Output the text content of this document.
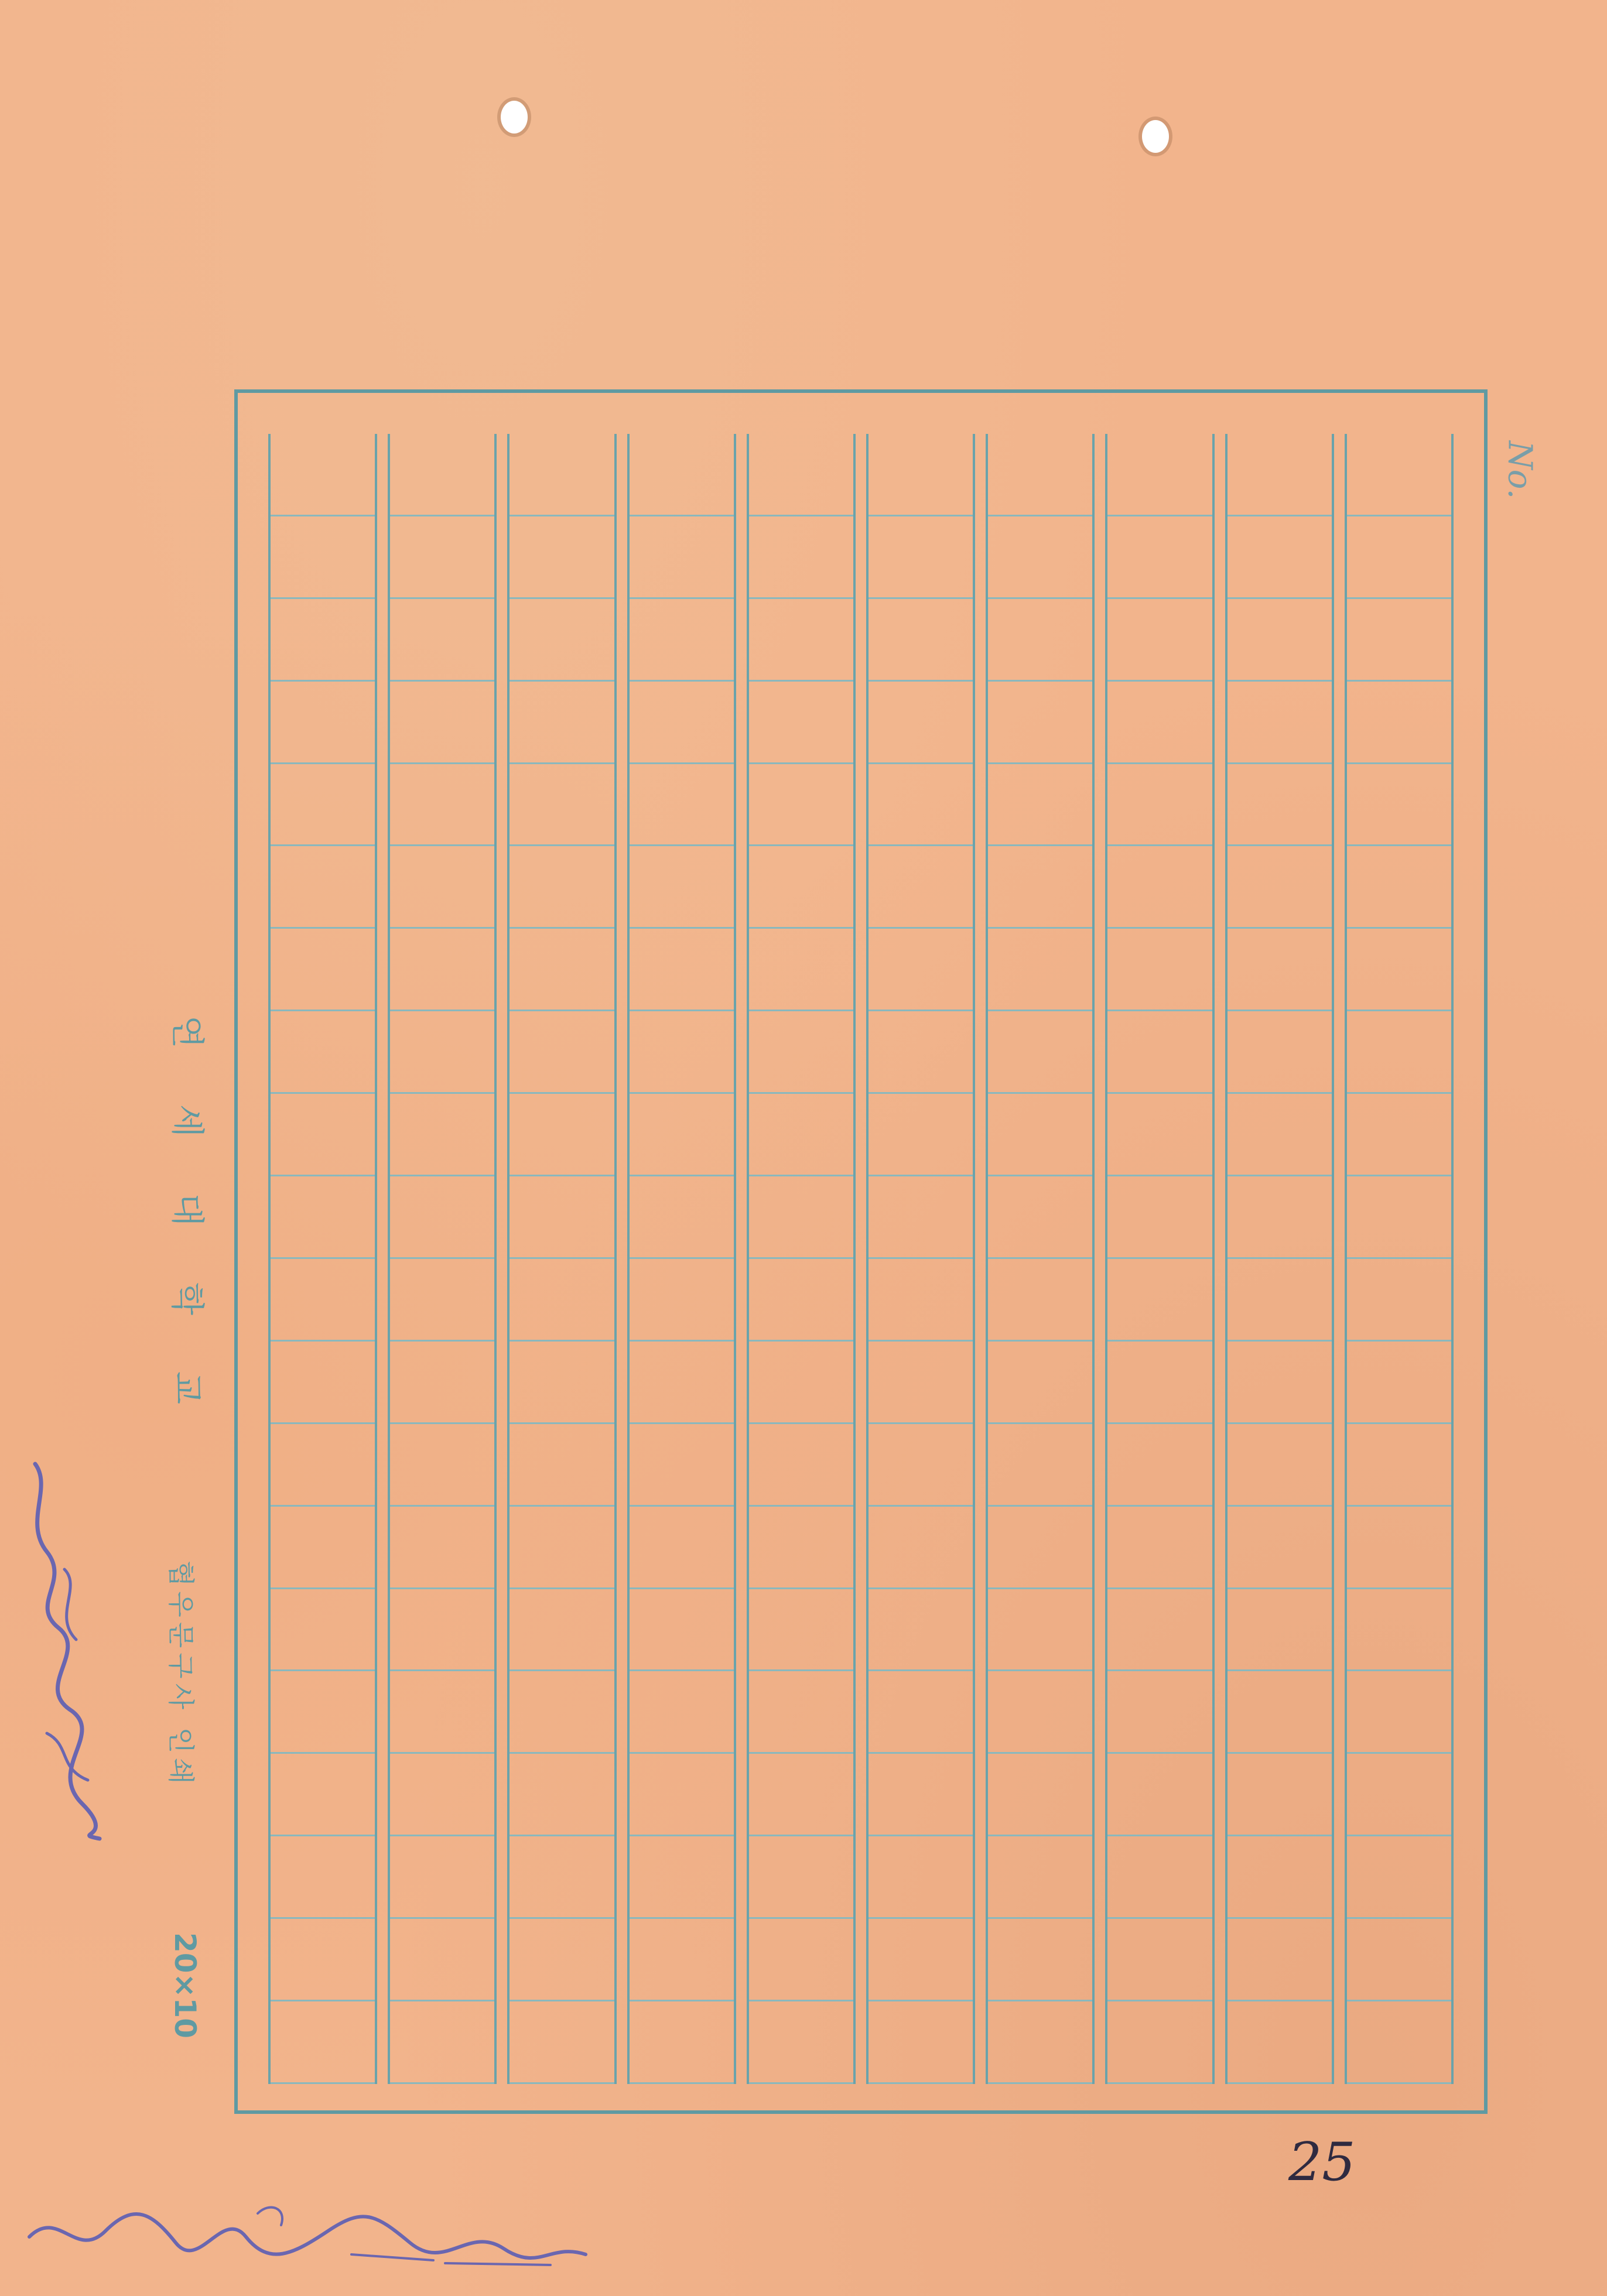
No.
연
세
대
학
교
협우문구사 인쇄
20×10
25
